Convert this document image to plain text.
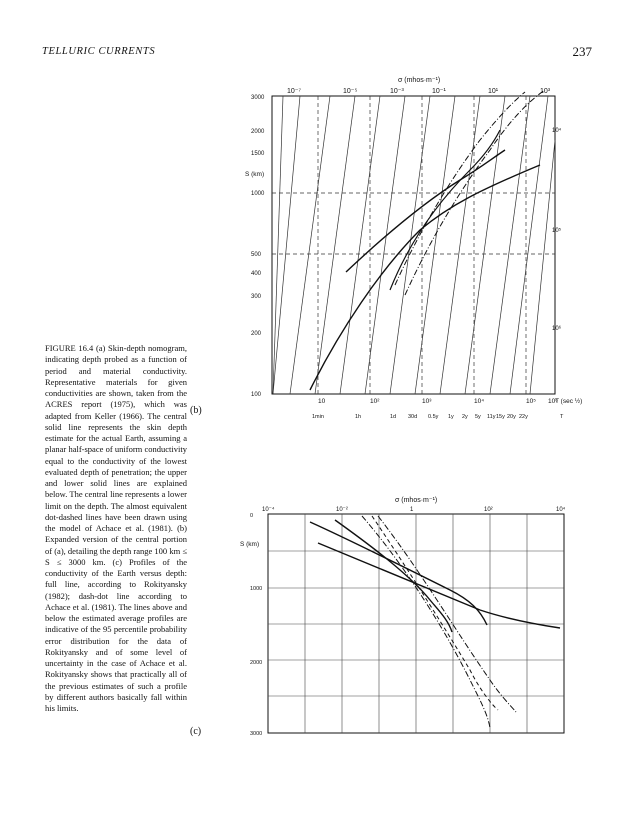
TELLURIC CURRENTS	237
FIGURE 16.4 (a) Skin-depth nomogram, indicating depth probed as a function of period and material conductivity. Representative materials for given conductivities are shown, taken from the ACRES report (1975), which was adapted from Keller (1966). The central solid line represents the skin depth estimate for the actual Earth, assuming a planar half-space of uniform conductivity equal to the conductivity of the lowest evaluated depth of penetration; the upper and lower solid lines are explained below. The central line represents a lower limit on the depth. The almost equivalent dot-dashed lines have been drawn using the model of Achace et al. (1981). (b) Expanded version of the central portion of (a), detailing the depth range 100 km ≤ S ≤ 3000 km. (c) Profiles of the conductivity of the Earth versus depth: full line, according to Rokityansky (1982); dash-dot line according to Achace et al. (1981). The lines above and below the estimated average profiles are indicative of the 95 percentile probability error distribution for the data of Rokityansky and of some level of uncertainty in the case of Achace et al. Rokityansky shows that practically all of the previous estimates of such a profile by different authors basically fall within his limits.
(b)
(c)
σ (mhos·m⁻¹)
10⁻⁷	10⁻⁵	10⁻³	10⁻¹	10¹	10³
S (km)
3000
2000
1500
1000
500
400
300
200
100
10	10²	10³	10⁴	10⁵ 10⁶
T (sec ½)
1min	1h	1d 30d 0.5y 1y 2y 5y 11y 15y 20y 22y	T
10⁴
10⁵
10⁶
σ (mhos·m⁻¹)
10⁻⁴	10⁻²	1	10²	10⁴
S (km)
0
1000
2000
3000
